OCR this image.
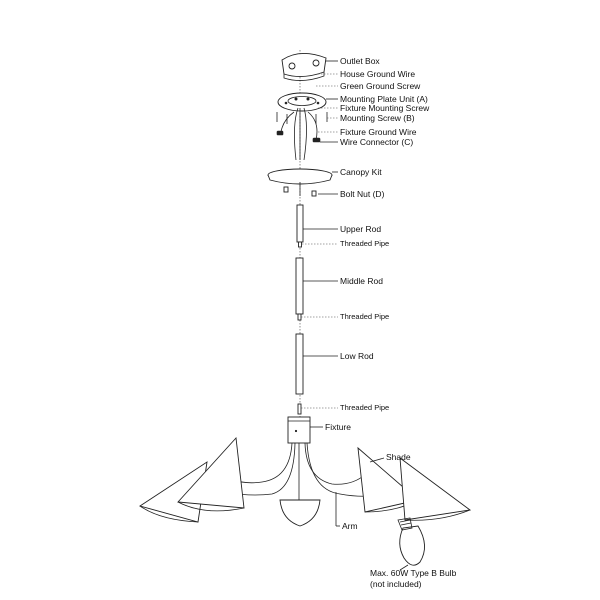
Outlet Box
House Ground Wire
Green Ground Screw
Mounting Plate Unit (A)
Fixture Mounting Screw
Mounting Screw (B)
Fixture Ground Wire
Wire Connector (C)
Canopy Kit
Bolt Nut (D)
Upper Rod
Threaded Pipe
Middle Rod
Threaded Pipe
Low Rod
Threaded Pipe
Fixture
Shade
Arm
Max. 60W Type B Bulb
(not included)
